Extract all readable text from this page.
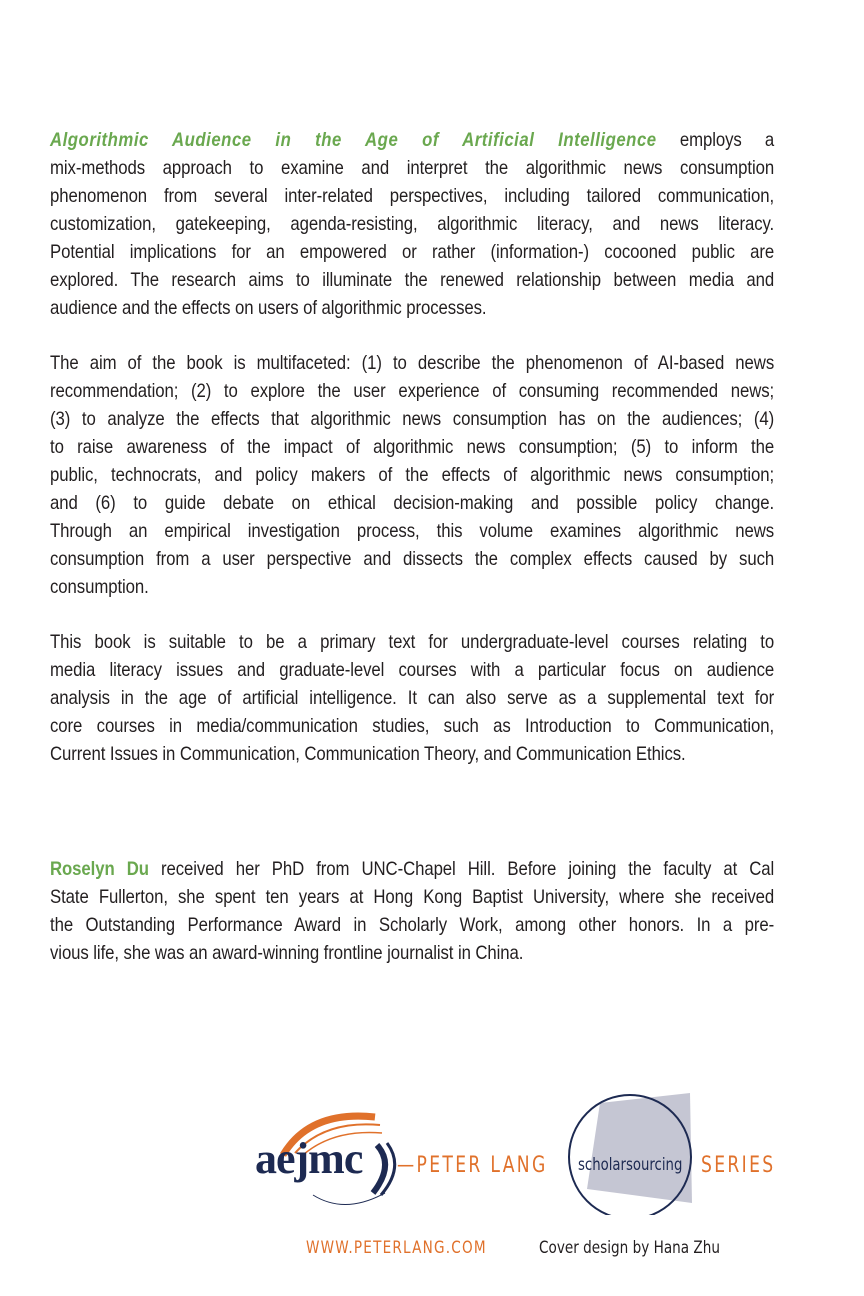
Algorithmic Audience in the Age of Artificial Intelligence employs a
mix-methods approach to examine and interpret the algorithmic news consumption
phenomenon from several inter-related perspectives, including tailored communication,
customization, gatekeeping, agenda-resisting, algorithmic literacy, and news literacy.
Potential implications for an empowered or rather (information-) cocooned public are
explored. The research aims to illuminate the renewed relationship between media and
audience and the effects on users of algorithmic processes.
The aim of the book is multifaceted: (1) to describe the phenomenon of AI-based news
recommendation; (2) to explore the user experience of consuming recommended news;
(3) to analyze the effects that algorithmic news consumption has on the audiences; (4)
to raise awareness of the impact of algorithmic news consumption; (5) to inform the
public, technocrats, and policy makers of the effects of algorithmic news consumption;
and (6) to guide debate on ethical decision-making and possible policy change.
Through an empirical investigation process, this volume examines algorithmic news
consumption from a user perspective and dissects the complex effects caused by such
consumption.
This book is suitable to be a primary text for undergraduate-level courses relating to
media literacy issues and graduate-level courses with a particular focus on audience
analysis in the age of artificial intelligence. It can also serve as a supplemental text for
core courses in media/communication studies, such as Introduction to Communication,
Current Issues in Communication, Communication Theory, and Communication Ethics.
Roselyn Du received her PhD from UNC-Chapel Hill. Before joining the faculty at Cal
State Fullerton, she spent ten years at Hong Kong Baptist University, where she received
the Outstanding Performance Award in Scholarly Work, among other honors. In a pre-
vious life, she was an award-winning frontline journalist in China.
aejmc —PETER LANG scholarsourcing SERIES
WWW.PETERLANG.COM	Cover design by Hana Zhu
